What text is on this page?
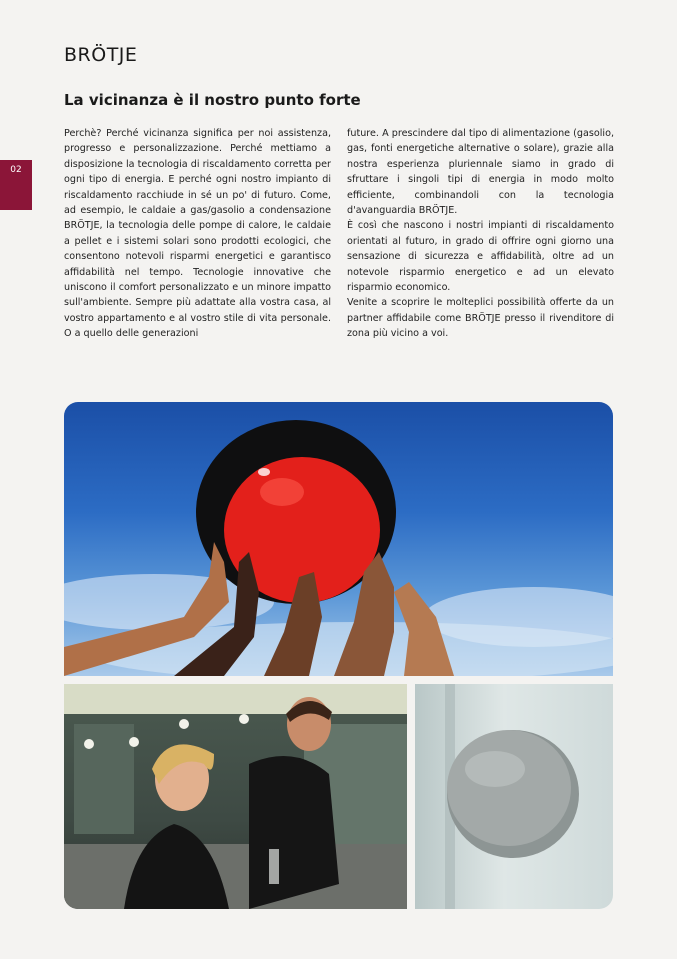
BRÖTJE
La vicinanza è il nostro punto forte
02

Perchè? Perché vicinanza significa per noi assistenza, progresso e personalizzazione. Perché mettiamo a disposizione la tecnologia di riscaldamento corretta per ogni tipo di energia. E perché ogni nostro impianto di riscaldamento racchiude in sé un po' di futuro. Come, ad esempio, le caldaie a gas/gasolio a condensazione BRÖTJE, la tecnologia delle pompe di calore, le caldaie a pellet e i sistemi solari sono prodotti ecologici, che consentono notevoli risparmi energetici e garantisco affidabilità nel tempo. Tecnologie innovative che uniscono il comfort personalizzato e un minore impatto sull'ambiente. Sempre più adattate alla vostra casa, al vostro appartamento e al vostro stile di vita personale. O a quello delle generazioni

future. A prescindere dal tipo di alimentazione (gasolio, gas, fonti energetiche alternative o solare), grazie alla nostra esperienza pluriennale siamo in grado di sfruttare i singoli tipi di energia in modo molto efficiente, combinandoli con la tecnologia d'avanguardia BRÖTJE.

È così che nascono i nostri impianti di riscaldamento orientati al futuro, in grado di offrire ogni giorno una sensazione di sicurezza e affidabilità, oltre ad un notevole risparmio energetico e ad un elevato risparmio economico.

Venite a scoprire le molteplici possibilità offerte da un partner affidabile come BRÖTJE presso il rivenditore di zona più vicino a voi.
